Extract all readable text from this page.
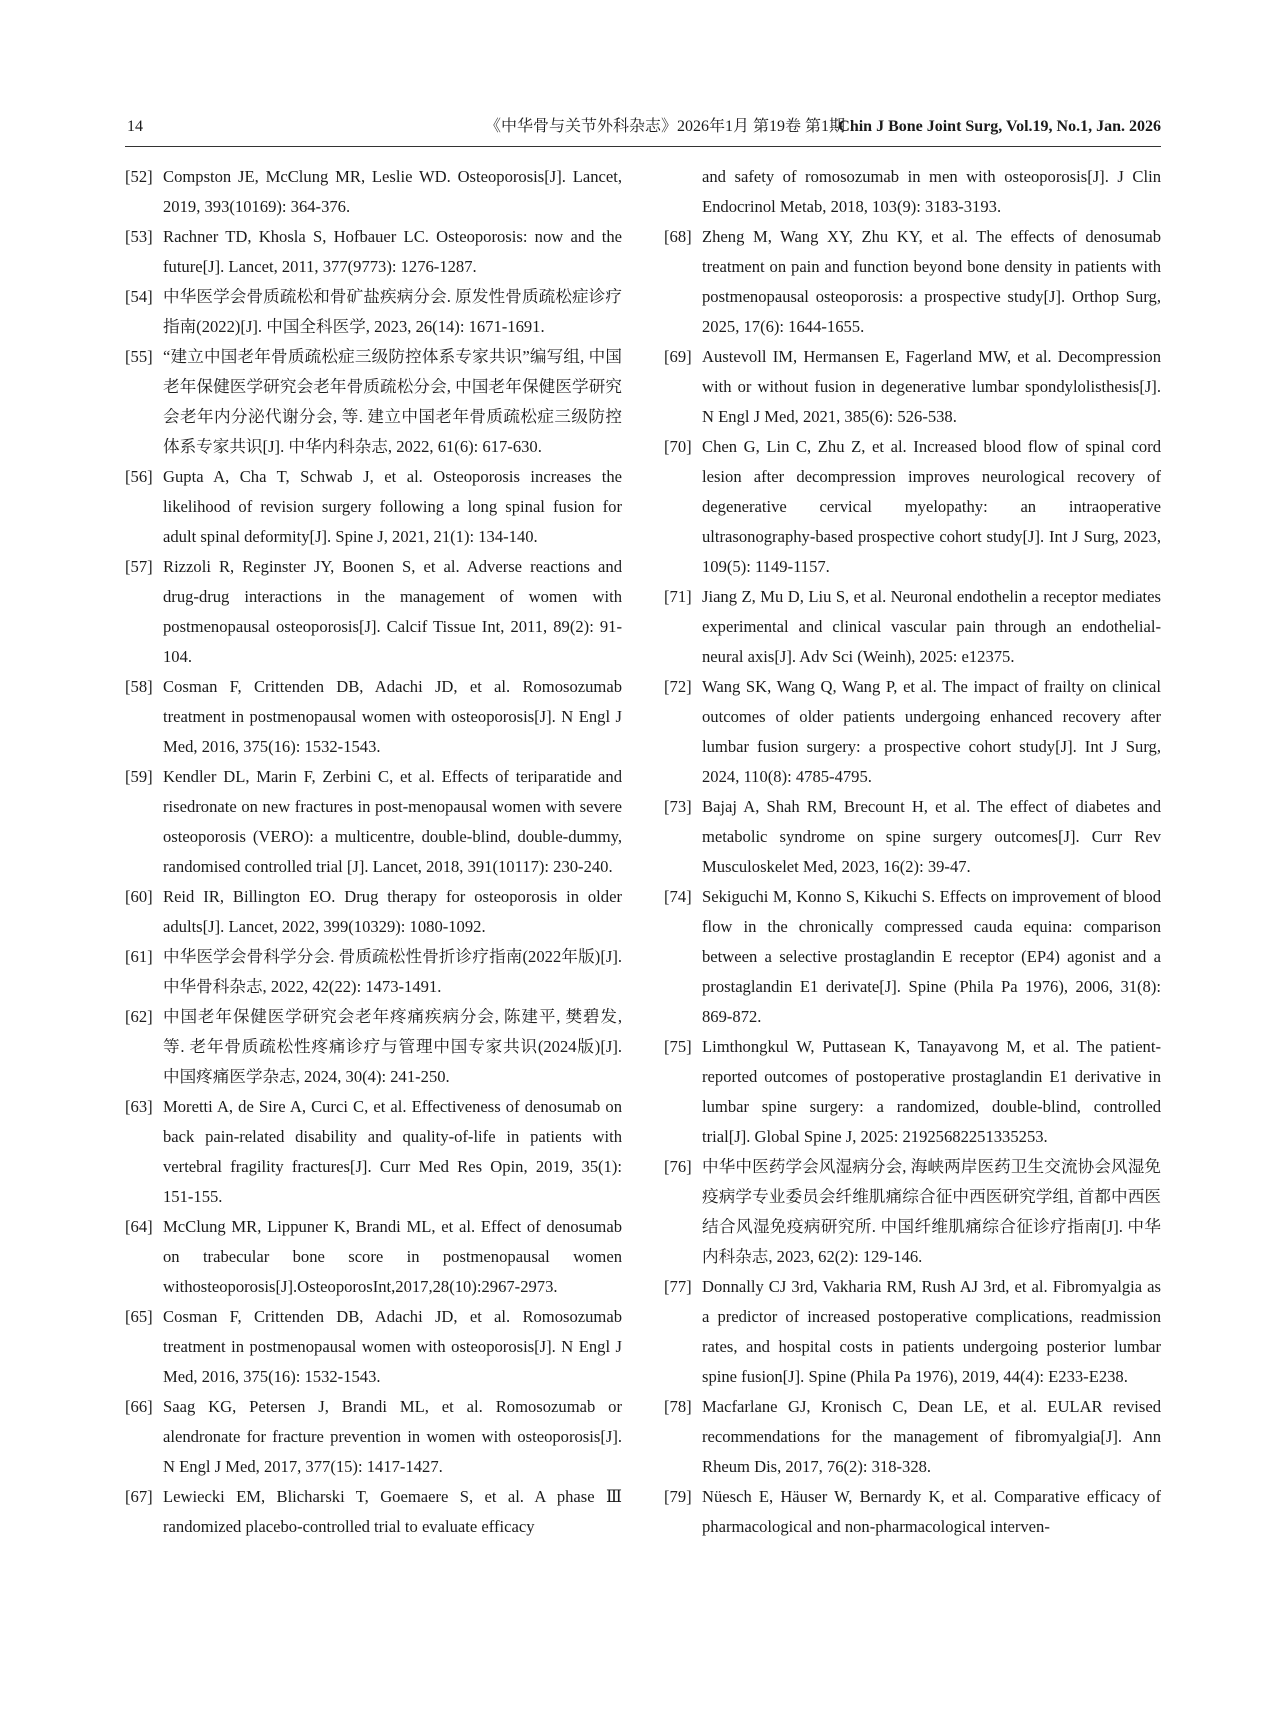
14	《中华骨与关节外科杂志》2026年1月 第19卷 第1期
Chin J Bone Joint Surg, Vol.19, No.1, Jan. 2026
[52] Compston JE, McClung MR, Leslie WD. Osteoporosis[J]. Lancet, 2019, 393(10169): 364-376.
[53] Rachner TD, Khosla S, Hofbauer LC. Osteoporosis: now and the future[J]. Lancet, 2011, 377(9773): 1276-1287.
[54] 中华医学会骨质疏松和骨矿盐疾病分会. 原发性骨质疏松症诊疗指南(2022)[J]. 中国全科医学, 2023, 26(14): 1671-1691.
[55] “建立中国老年骨质疏松症三级防控体系专家共识”编写组, 中国老年保健医学研究会老年骨质疏松分会, 中国老年保健医学研究会老年内分泌代谢分会, 等. 建立中国老年骨质疏松症三级防控体系专家共识[J]. 中华内科杂志, 2022, 61(6): 617-630.
[56] Gupta A, Cha T, Schwab J, et al. Osteoporosis increases the likelihood of revision surgery following a long spinal fusion for adult spinal deformity[J]. Spine J, 2021, 21(1): 134-140.
[57] Rizzoli R, Reginster JY, Boonen S, et al. Adverse reactions and drug-drug interactions in the management of women with postmenopausal osteoporosis[J]. Calcif Tissue Int, 2011, 89(2): 91-104.
[58] Cosman F, Crittenden DB, Adachi JD, et al. Romosozumab treatment in postmenopausal women with osteoporosis[J]. N Engl J Med, 2016, 375(16): 1532-1543.
[59] Kendler DL, Marin F, Zerbini C, et al. Effects of teriparatide and risedronate on new fractures in post-menopausal women with severe osteoporosis (VERO): a multicentre, double-blind, double-dummy, randomised controlled trial [J]. Lancet, 2018, 391(10117): 230-240.
[60] Reid IR, Billington EO. Drug therapy for osteoporosis in older adults[J]. Lancet, 2022, 399(10329): 1080-1092.
[61] 中华医学会骨科学分会. 骨质疏松性骨折诊疗指南(2022年版)[J]. 中华骨科杂志, 2022, 42(22): 1473-1491.
[62] 中国老年保健医学研究会老年疼痛疾病分会, 陈建平, 樊碧发, 等. 老年骨质疏松性疼痛诊疗与管理中国专家共识(2024版)[J]. 中国疼痛医学杂志, 2024, 30(4): 241-250.
[63] Moretti A, de Sire A, Curci C, et al. Effectiveness of denosumab on back pain-related disability and quality-of-life in patients with vertebral fragility fractures[J]. Curr Med Res Opin, 2019, 35(1): 151-155.
[64] McClung MR, Lippuner K, Brandi ML, et al. Effect of denosumab on trabecular bone score in postmenopausal women withosteoporosis[J].OsteoporosInt,2017,28(10):2967-2973.
[65] Cosman F, Crittenden DB, Adachi JD, et al. Romosozumab treatment in postmenopausal women with osteoporosis[J]. N Engl J Med, 2016, 375(16): 1532-1543.
[66] Saag KG, Petersen J, Brandi ML, et al. Romosozumab or alendronate for fracture prevention in women with osteoporosis[J]. N Engl J Med, 2017, 377(15): 1417-1427.
[67] Lewiecki EM, Blicharski T, Goemaere S, et al. A phase Ⅲ randomized placebo-controlled trial to evaluate efficacy
and safety of romosozumab in men with osteoporosis[J]. J Clin Endocrinol Metab, 2018, 103(9): 3183-3193.
[68] Zheng M, Wang XY, Zhu KY, et al. The effects of denosumab treatment on pain and function beyond bone density in patients with postmenopausal osteoporosis: a prospective study[J]. Orthop Surg, 2025, 17(6): 1644-1655.
[69] Austevoll IM, Hermansen E, Fagerland MW, et al. Decompression with or without fusion in degenerative lumbar spondylolisthesis[J]. N Engl J Med, 2021, 385(6): 526-538.
[70] Chen G, Lin C, Zhu Z, et al. Increased blood flow of spinal cord lesion after decompression improves neurological recovery of degenerative cervical myelopathy: an intraoperative ultrasonography-based prospective cohort study[J]. Int J Surg, 2023, 109(5): 1149-1157.
[71] Jiang Z, Mu D, Liu S, et al. Neuronal endothelin a receptor mediates experimental and clinical vascular pain through an endothelial-neural axis[J]. Adv Sci (Weinh), 2025: e12375.
[72] Wang SK, Wang Q, Wang P, et al. The impact of frailty on clinical outcomes of older patients undergoing enhanced recovery after lumbar fusion surgery: a prospective cohort study[J]. Int J Surg, 2024, 110(8): 4785-4795.
[73] Bajaj A, Shah RM, Brecount H, et al. The effect of diabetes and metabolic syndrome on spine surgery outcomes[J]. Curr Rev Musculoskelet Med, 2023, 16(2): 39-47.
[74] Sekiguchi M, Konno S, Kikuchi S. Effects on improvement of blood flow in the chronically compressed cauda equina: comparison between a selective prostaglandin E receptor (EP4) agonist and a prostaglandin E1 derivate[J]. Spine (Phila Pa 1976), 2006, 31(8): 869-872.
[75] Limthongkul W, Puttasean K, Tanayavong M, et al. The patient-reported outcomes of postoperative prostaglandin E1 derivative in lumbar spine surgery: a randomized, double-blind, controlled trial[J]. Global Spine J, 2025: 21925682251335253.
[76] 中华中医药学会风湿病分会, 海峡两岸医药卫生交流协会风湿免疫病学专业委员会纤维肌痛综合征中西医研究学组, 首都中西医结合风湿免疫病研究所. 中国纤维肌痛综合征诊疗指南[J]. 中华内科杂志, 2023, 62(2): 129-146.
[77] Donnally CJ 3rd, Vakharia RM, Rush AJ 3rd, et al. Fibromyalgia as a predictor of increased postoperative complications, readmission rates, and hospital costs in patients undergoing posterior lumbar spine fusion[J]. Spine (Phila Pa 1976), 2019, 44(4): E233-E238.
[78] Macfarlane GJ, Kronisch C, Dean LE, et al. EULAR revised recommendations for the management of fibromyalgia[J]. Ann Rheum Dis, 2017, 76(2): 318-328.
[79] Nüesch E, Häuser W, Bernardy K, et al. Comparative efficacy of pharmacological and non-pharmacological interven-
